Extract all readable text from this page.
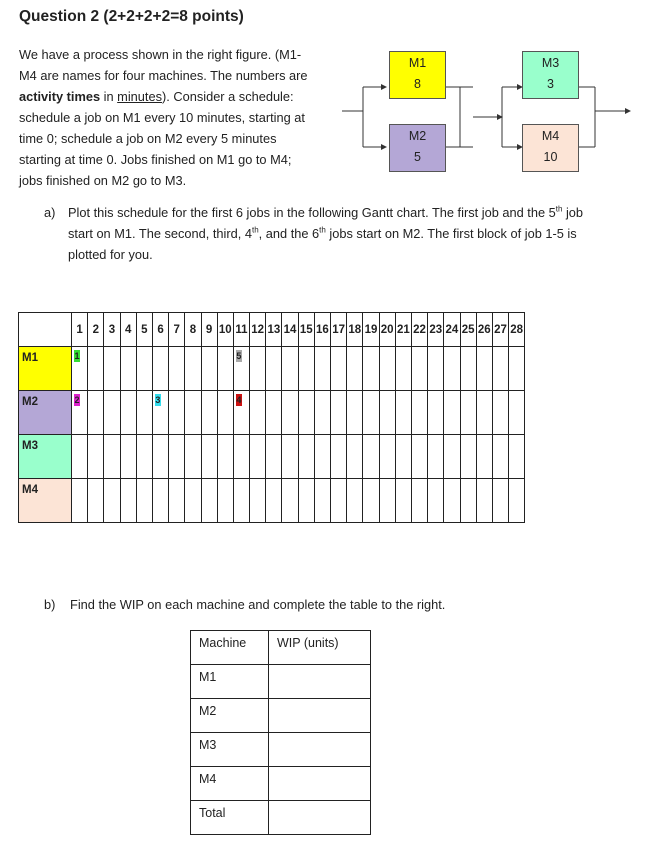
Question 2 (2+2+2+2=8 points)
We have a process shown in the right figure. (M1-
M4 are names for four machines. The numbers are
activity times in minutes). Consider a schedule:
schedule a job on M1 every 10 minutes, starting at
time 0; schedule a job on M2 every 5 minutes
starting at time 0. Jobs finished on M1 go to M4;
jobs finished on M2 go to M3.
M1
8
M3
3
M2
5
M4
10
a) Plot this schedule for the first 6 jobs in the following Gantt chart. The first job and the 5th job
start on M1. The second, third, 4th, and the 6th jobs start on M2. The first block of job 1-5 is
plotted for you.
	1	2	3	4	5	6	7	8	9	10	11	12	13	14	15	16	17	18	19	20	21	22	23	24	25	26	27	28

M1	1										5																	

M2	2					3					4																	

M3																												

M4																												

b) Find the WIP on each machine and complete the table to the right.
Machine	WIP (units)

M1	

M2	

M3	

M4	

Total	
